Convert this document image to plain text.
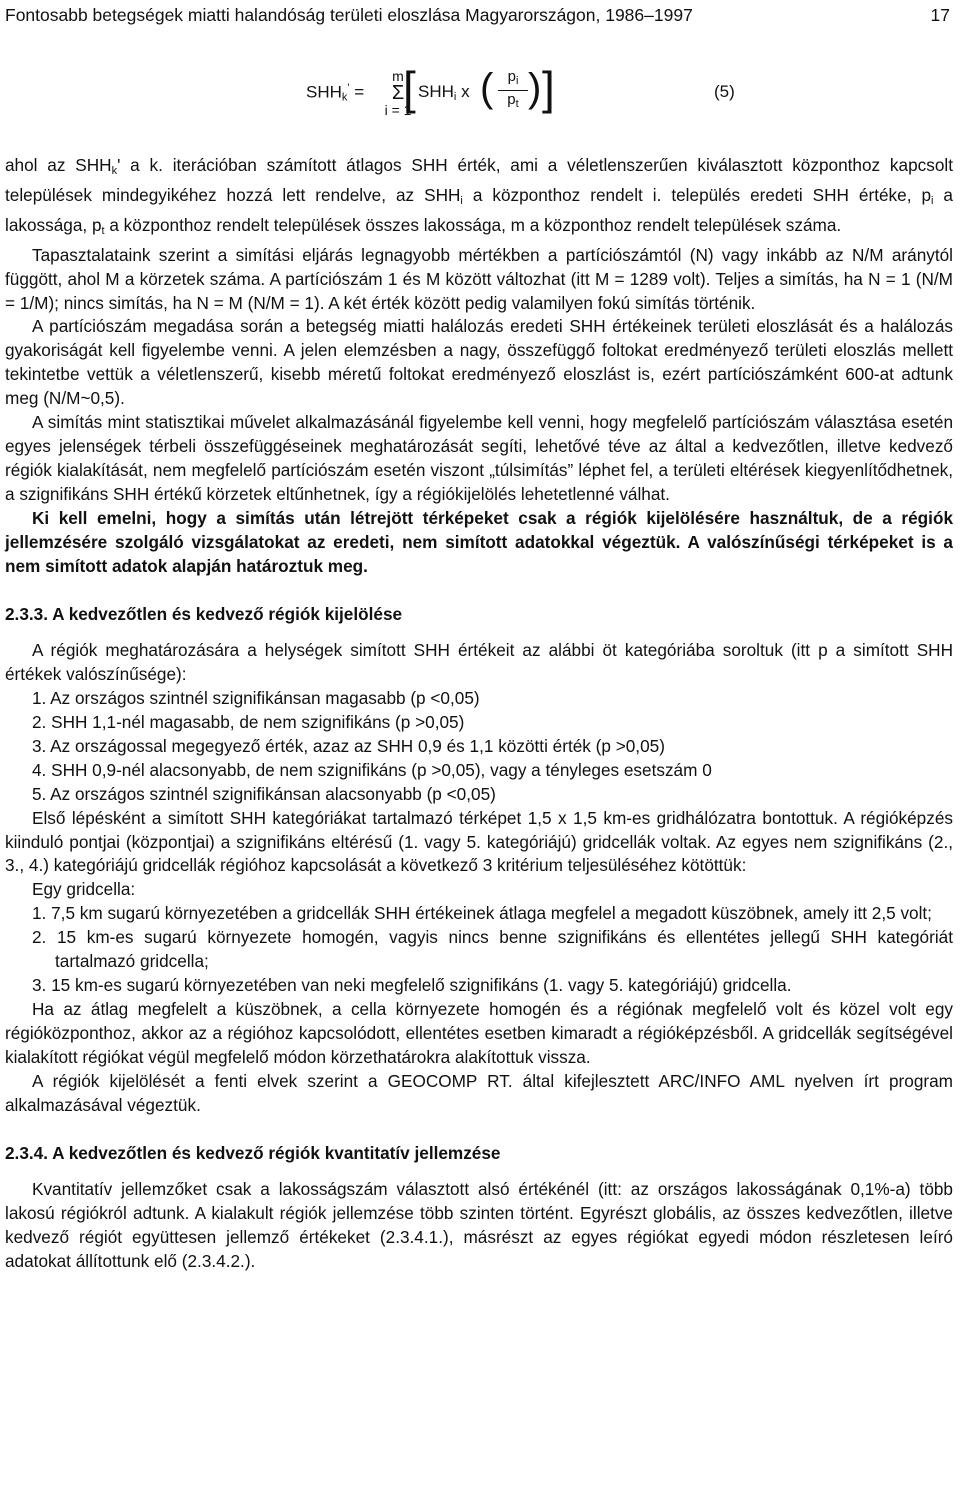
Fontosabb betegségek miatti halandóság területi eloszlása Magyarországon, 1986–1997	17
$SHH_k'$ =
m
Σ
i = 1
[ $SHH_i$ x ( $\frac{p_i}{p_t}$ ) ]	(5)

ahol az $SHH_k'$ a k. iterációban számított átlagos SHH érték, ami a véletlenszerűen kiválasztott központhoz kapcsolt települések mindegyikéhez hozzá lett rendelve, az $SHH_i$ a központhoz rendelt i. település eredeti SHH értéke, $p_i$ a lakossága, $p_t$ a központhoz rendelt települések összes lakossága, m a központhoz rendelt települések száma.

Tapasztalataink szerint a simítási eljárás legnagyobb mértékben a partíciószámtól (N) vagy inkább az N/M aránytól függött, ahol M a körzetek száma. A partíciószám 1 és M között változhat (itt M = 1289 volt). Teljes a simítás, ha N = 1 (N/M = 1/M); nincs simítás, ha N = M (N/M = 1). A két érték között pedig valamilyen fokú simítás történik.

A partíciószám megadása során a betegség miatti halálozás eredeti SHH értékeinek területi eloszlását és a halálozás gyakoriságát kell figyelembe venni. A jelen elemzésben a nagy, összefüggő foltokat eredményező területi eloszlás mellett tekintetbe vettük a véletlenszerű, kisebb méretű foltokat eredményező eloszlást is, ezért partíciószámként 600-at adtunk meg (N/M~0,5).

A simítás mint statisztikai művelet alkalmazásánál figyelembe kell venni, hogy megfelelő partíciószám választása esetén egyes jelenségek térbeli összefüggéseinek meghatározását segíti, lehetővé téve az által a kedvezőtlen, illetve kedvező régiók kialakítását, nem megfelelő partíciószám esetén viszont „túlsimítás” léphet fel, a területi eltérések kiegyenlítődhetnek, a szignifikáns SHH értékű körzetek eltűnhetnek, így a régiókijelölés lehetetlenné válhat.

Ki kell emelni, hogy a simítás után létrejött térképeket csak a régiók kijelölésére használtuk, de a régiók jellemzésére szolgáló vizsgálatokat az eredeti, nem simított adatokkal végeztük. A valószínűségi térképeket is a nem simított adatok alapján határoztuk meg.

2.3.3. A kedvezőtlen és kedvező régiók kijelölése

A régiók meghatározására a helységek simított SHH értékeit az alábbi öt kategóriába soroltuk (itt p a simított SHH értékek valószínűsége):

1. Az országos szintnél szignifikánsan magasabb (p <0,05)

2. SHH 1,1-nél magasabb, de nem szignifikáns (p >0,05)

3. Az országossal megegyező érték, azaz az SHH 0,9 és 1,1 közötti érték (p >0,05)

4. SHH 0,9-nél alacsonyabb, de nem szignifikáns (p >0,05), vagy a tényleges esetszám 0

5. Az országos szintnél szignifikánsan alacsonyabb (p <0,05)

Első lépésként a simított SHH kategóriákat tartalmazó térképet 1,5 x 1,5 km-es gridhálózatra bontottuk. A régióképzés kiinduló pontjai (központjai) a szignifikáns eltérésű (1. vagy 5. kategóriájú) gridcellák voltak. Az egyes nem szignifikáns (2., 3., 4.) kategóriájú gridcellák régióhoz kapcsolását a következő 3 kritérium teljesüléséhez kötöttük:

Egy gridcella:

1. 7,5 km sugarú környezetében a gridcellák SHH értékeinek átlaga megfelel a megadott küszöbnek, amely itt 2,5 volt;

2. 15 km-es sugarú környezete homogén, vagyis nincs benne szignifikáns és ellentétes jellegű SHH kategóriát tartalmazó gridcella;

3. 15 km-es sugarú környezetében van neki megfelelő szignifikáns (1. vagy 5. kategóriájú) gridcella.

Ha az átlag megfelelt a küszöbnek, a cella környezete homogén és a régiónak megfelelő volt és közel volt egy régióközponthoz, akkor az a régióhoz kapcsolódott, ellentétes esetben kimaradt a régióképzésből. A gridcellák segítségével kialakított régiókat végül megfelelő módon körzethatárokra alakítottuk vissza.

A régiók kijelölését a fenti elvek szerint a GEOCOMP RT. által kifejlesztett ARC/INFO AML nyelven írt program alkalmazásával végeztük.

2.3.4. A kedvezőtlen és kedvező régiók kvantitatív jellemzése

Kvantitatív jellemzőket csak a lakosságszám választott alsó értékénél (itt: az országos lakosságának 0,1%-a) több lakosú régiókról adtunk. A kialakult régiók jellemzése több szinten történt. Egyrészt globális, az összes kedvezőtlen, illetve kedvező régiót együttesen jellemző értékeket (2.3.4.1.), másrészt az egyes régiókat egyedi módon részletesen leíró adatokat állítottunk elő (2.3.4.2.).
